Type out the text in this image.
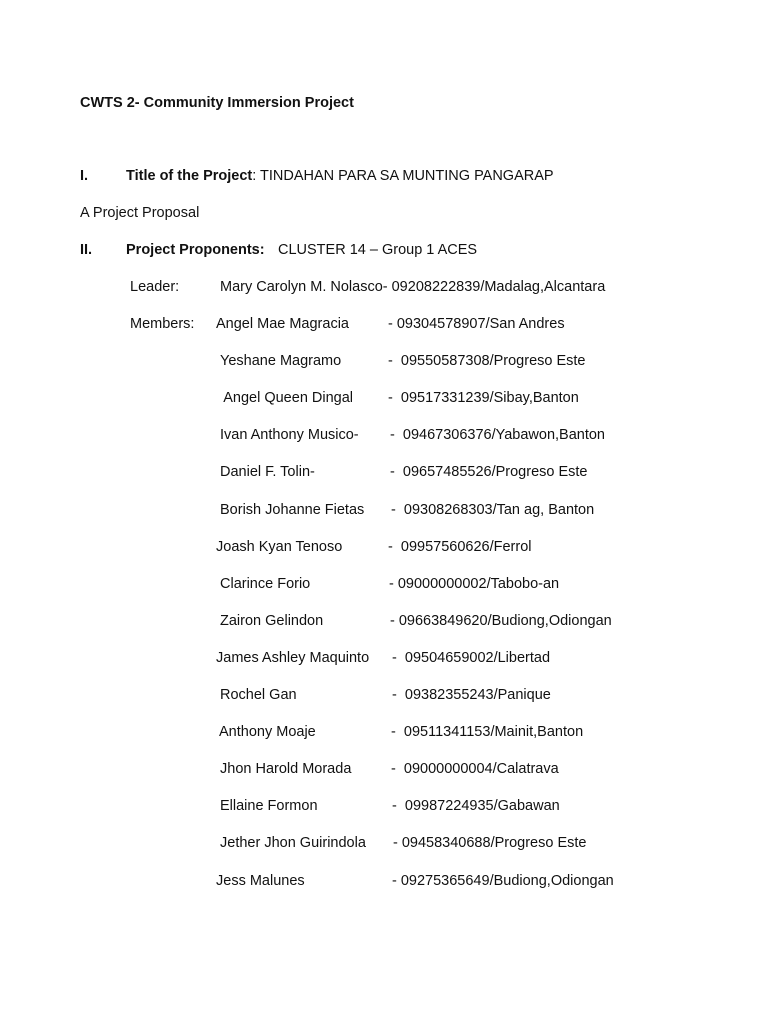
CWTS 2- Community Immersion Project
I.	Title of the Project: TINDAHAN PARA SA MUNTING PANGARAP
A Project Proposal
II. Project Proponents: CLUSTER 14 – Group 1 ACES
Leader:	Mary Carolyn M. Nolasco- 09208222839/Madalag,Alcantara
Members: Angel Mae Magracia	- 09304578907/San Andres
Yeshane Magramo	-  09550587308/Progreso Este
Angel Queen Dingal -  09517331239/Sibay,Banton
Ivan Anthony Musico- -  09467306376/Yabawon,Banton
Daniel F. Tolin-	-  09657485526/Progreso Este
Borish Johanne Fietas -  09308268303/Tan ag, Banton
Joash Kyan Tenoso	-  09957560626/Ferrol
Clarince Forio	- 09000000002/Tabobo-an
Zairon Gelindon	- 09663849620/Budiong,Odiongan
James Ashley Maquinto -  09504659002/Libertad
Rochel Gan	-  09382355243/Panique
Anthony Moaje	-  09511341153/Mainit,Banton
Jhon Harold Morada	-  09000000004/Calatrava
Ellaine Formon	-  09987224935/Gabawan
Jether Jhon Guirindola - 09458340688/Progreso Este
Jess Malunes	- 09275365649/Budiong,Odiongan
